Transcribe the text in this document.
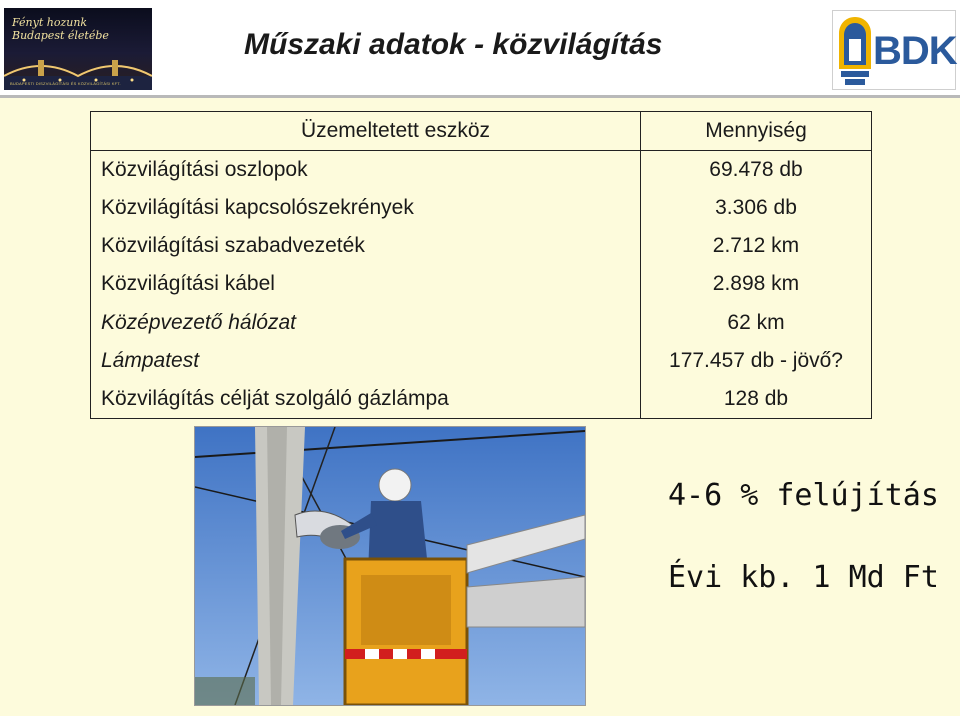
Fényt hozunk
Budapest életébe
BUDAPESTI DISZVILÁGÍTÁSI ÉS KÖZVILÁGÍTÁSI KFT.
Műszaki adatok - közvilágítás	BDK
Üzemeltetett eszköz	Mennyiség
Közvilágítási oszlopok	69.478 db
Közvilágítási kapcsolószekrények	3.306 db
Közvilágítási szabadvezeték	2.712 km
Közvilágítási kábel	2.898 km
Középvezető hálózat	62 km
Lámpatest	177.457 db - jövő?
Közvilágítás célját szolgáló gázlámpa	128 db

4-6 % felújítás

Évi kb. 1 Md Ft
